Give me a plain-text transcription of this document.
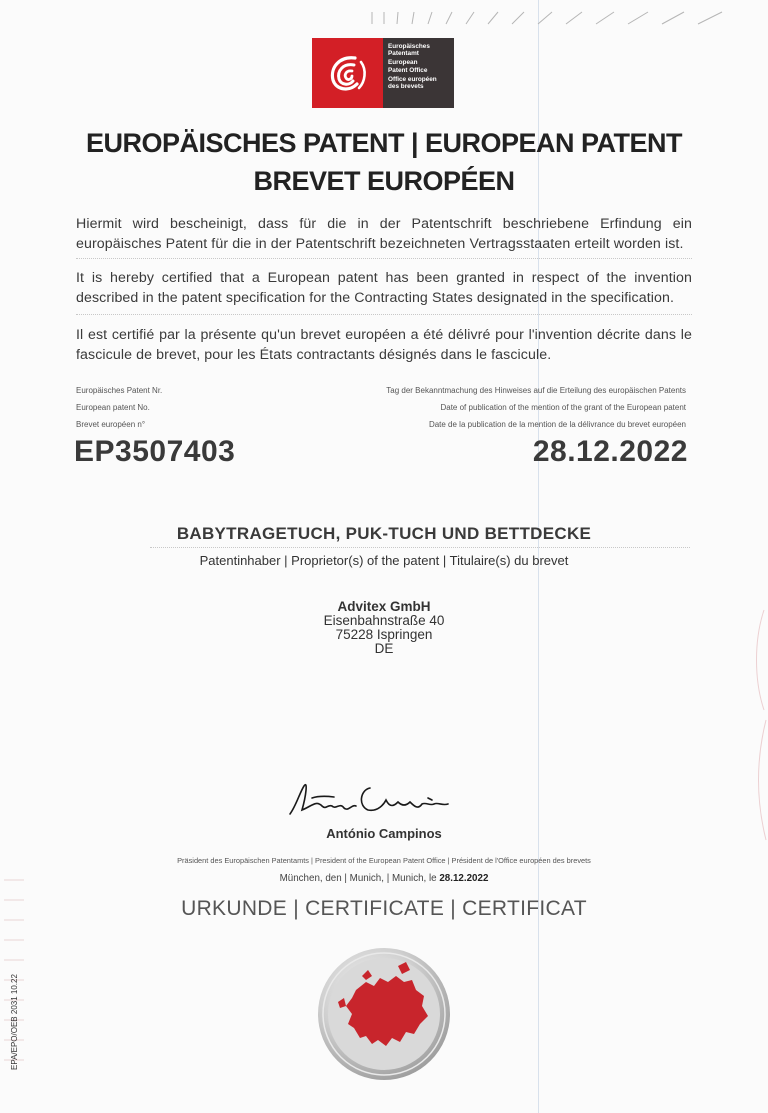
Europäisches
Patentamt
European
Patent Office
Office européen
des brevets
EUROPÄISCHES PATENT | EUROPEAN PATENT
BREVET EUROPÉEN
Hiermit wird bescheinigt, dass für die in der Patentschrift beschriebene Erfindung ein europäisches Patent für die in der Patentschrift bezeichneten Vertragsstaaten erteilt worden ist.
It is hereby certified that a European patent has been granted in respect of the invention described in the patent specification for the Contracting States designated in the specification.
Il est certifié par la présente qu'un brevet européen a été délivré pour l'invention décrite dans le fascicule de brevet, pour les États contractants désignés dans le fascicule.
Europäisches Patent Nr.
European patent No.
Brevet européen n°
Tag der Bekanntmachung des Hinweises auf die Erteilung des europäischen Patents
Date of publication of the mention of the grant of the European patent
Date de la publication de la mention de la délivrance du brevet européen
EP3507403	28.12.2022
BABYTRAGETUCH, PUK-TUCH UND BETTDECKE
Patentinhaber | Proprietor(s) of the patent | Titulaire(s) du brevet
Advitex GmbH
Eisenbahnstraße 40
75228 Ispringen
DE
António Campinos
Präsident des Europäischen Patentamts | President of the European Patent Office | Président de l'Office européen des brevets
München, den | Munich, | Munich, le 28.12.2022
URKUNDE | CERTIFICATE | CERTIFICAT
EPA/EPO/OEB 2031 10.22
